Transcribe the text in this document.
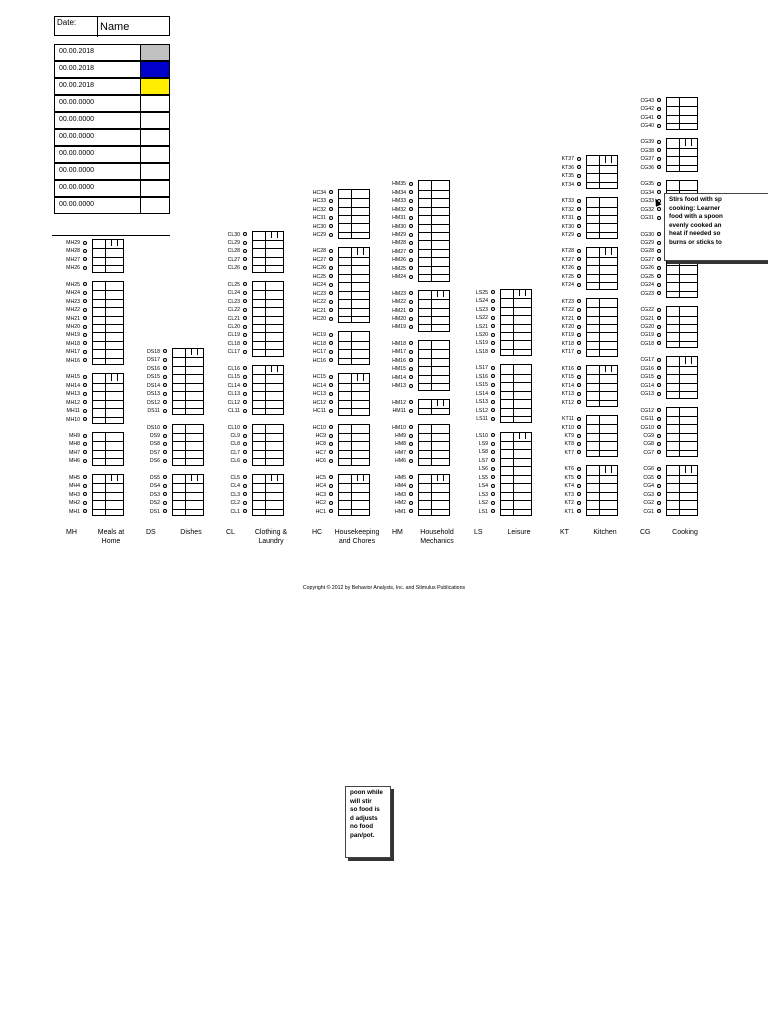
Date: Name
00.00.2018
00.00.2018
00.00.2018
00.00.0000
00.00.0000
00.00.0000
00.00.0000
00.00.0000
00.00.0000
00.00.0000
MH1
MH2
MH3
MH4
MH5
MH6
MH7
MH8
MH9
MH10
MH11
MH12
MH13
MH14
MH15
MH16
MH17
MH18
MH19
MH20
MH21
MH22
MH23
MH24
MH25
MH26
MH27
MH28
MH29
DS1
DS2
DS3
DS4
DS5
DS6
DS7
DS8
DS9
DS10
DS11
DS12
DS13
DS14
DS15
DS16
DS17
DS18
CL1
CL2
CL3
CL4
CL5
CL6
CL7
CL8
CL9
CL10
CL11
CL12
CL13
CL14
CL15
CL16
CL17
CL18
CL19
CL20
CL21
CL22
CL23
CL24
CL25
CL26
CL27
CL28
CL29
CL30
HC1
HC2
HC3
HC4
HC5
HC6
HC7
HC8
HC9
HC10
HC11
HC12
HC13
HC14
HC15
HC16
HC17
HC18
HC19
HC20
HC21
HC22
HC23
HC24
HC25
HC26
HC27
HC28
HC29
HC30
HC31
HC32
HC33
HC34
HM1
HM2
HM3
HM4
HM5
HM6
HM7
HM8
HM9
HM10
HM11
HM12
HM13
HM14
HM15
HM16
HM17
HM18
HM19
HM20
HM21
HM22
HM23
HM24
HM25
HM26
HM27
HM28
HM29
HM30
HM31
HM32
HM33
HM34
HM35
LS1
LS2
LS3
LS4
LS5
LS6
LS7
LS8
LS9
LS10
LS11
LS12
LS13
LS14
LS15
LS16
LS17
LS18
LS19
LS20
LS21
LS22
LS23
LS24
LS25
KT1
KT2
KT3
KT4
KT5
KT6
KT7
KT8
KT9
KT10
KT11
KT12
KT13
KT14
KT15
KT16
KT17
KT18
KT19
KT20
KT21
KT22
KT23
KT24
KT25
KT26
KT27
KT28
KT29
KT30
KT31
KT32
KT33
KT34
KT35
KT36
KT37
CG1
CG2
CG3
CG4
CG5
CG6
CG7
CG8
CG9
CG10
CG11
CG12
CG13
CG14
CG15
CG16
CG17
CG18
CG19
CG20
CG21
CG22
CG23
CG24
CG25
CG26
CG27
CG28
CG29
CG30
CG31
CG32
CG33
CG34
CG35
CG36
CG37
CG38
CG39
CG40
CG41
CG42
CG43
MH	Meals at Home
DS	Dishes	CL	Clothing & Laundry
HC Housekeeping and Chores
HM	Household Mechanics
LS	Leisure	KT	Kitchen	CG	Cooking
Copyright © 2012 by Behavior Analysts, Inc. and Stimulus Publications
Stirs food with sp
cooking: Learner
food with a spoon
evenly cooked an
heat if needed so
burns or sticks to
poon while
will stir
so food is
d adjusts
no food
pan/pot.
